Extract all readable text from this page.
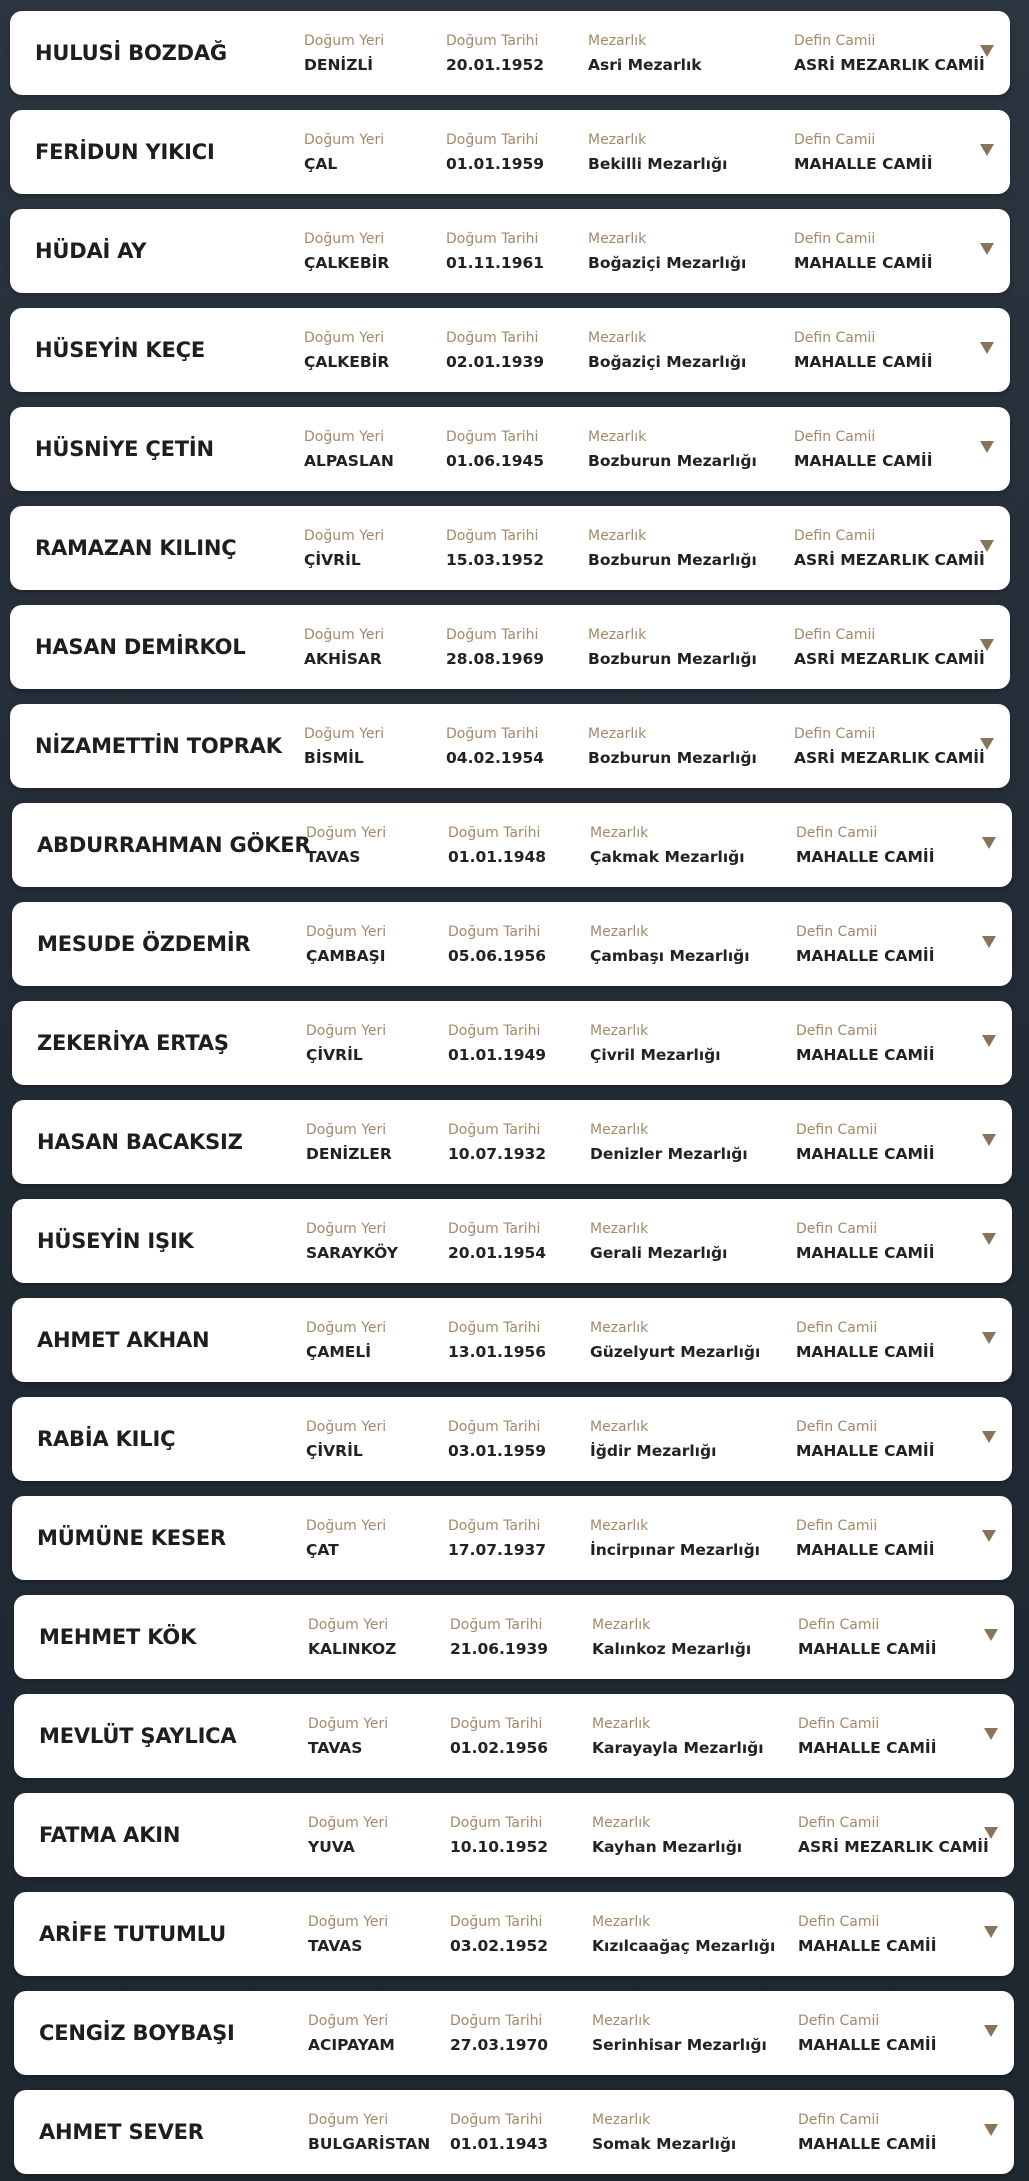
HULUSİ BOZDAĞ	Doğum Yeri
DENİZLİ
Doğum Tarihi
20.01.1952
Mezarlık
Asri Mezarlık
Defin Camii
ASRİ MEZARLIK CAMİİ
FERİDUN YIKICI	Doğum Yeri
ÇAL
Doğum Tarihi
01.01.1959
Mezarlık
Bekilli Mezarlığı
Defin Camii
MAHALLE CAMİİ
HÜDAİ AY	Doğum Yeri
ÇALKEBİR
Doğum Tarihi
01.11.1961
Mezarlık
Boğaziçi Mezarlığı
Defin Camii
MAHALLE CAMİİ
HÜSEYİN KEÇE	Doğum Yeri
ÇALKEBİR
Doğum Tarihi
02.01.1939
Mezarlık
Boğaziçi Mezarlığı
Defin Camii
MAHALLE CAMİİ
HÜSNİYE ÇETİN	Doğum Yeri
ALPASLAN
Doğum Tarihi
01.06.1945
Mezarlık
Bozburun Mezarlığı
Defin Camii
MAHALLE CAMİİ
RAMAZAN KILINÇ	Doğum Yeri
ÇİVRİL
Doğum Tarihi
15.03.1952
Mezarlık
Bozburun Mezarlığı
Defin Camii
ASRİ MEZARLIK CAMİİ
HASAN DEMİRKOL	Doğum Yeri
AKHİSAR
Doğum Tarihi
28.08.1969
Mezarlık
Bozburun Mezarlığı
Defin Camii
ASRİ MEZARLIK CAMİİ
NİZAMETTİN TOPRAK Doğum Yeri
BİSMİL
Doğum Tarihi
04.02.1954
Mezarlık
Bozburun Mezarlığı
Defin Camii
ASRİ MEZARLIK CAMİİ
ABDURRAHMAN GÖKER
Doğum Yeri
TAVAS
Doğum Tarihi
01.01.1948
Mezarlık
Çakmak Mezarlığı
Defin Camii
MAHALLE CAMİİ
MESUDE ÖZDEMİR	Doğum Yeri
ÇAMBAŞI
Doğum Tarihi
05.06.1956
Mezarlık
Çambaşı Mezarlığı
Defin Camii
MAHALLE CAMİİ
ZEKERİYA ERTAŞ	Doğum Yeri
ÇİVRİL
Doğum Tarihi
01.01.1949
Mezarlık
Çivril Mezarlığı
Defin Camii
MAHALLE CAMİİ
HASAN BACAKSIZ	Doğum Yeri
DENİZLER
Doğum Tarihi
10.07.1932
Mezarlık
Denizler Mezarlığı
Defin Camii
MAHALLE CAMİİ
HÜSEYİN IŞIK	Doğum Yeri
SARAYKÖY
Doğum Tarihi
20.01.1954
Mezarlık
Gerali Mezarlığı
Defin Camii
MAHALLE CAMİİ
AHMET AKHAN	Doğum Yeri
ÇAMELİ
Doğum Tarihi
13.01.1956
Mezarlık
Güzelyurt Mezarlığı
Defin Camii
MAHALLE CAMİİ
RABİA KILIÇ	Doğum Yeri
ÇİVRİL
Doğum Tarihi
03.01.1959
Mezarlık
İğdir Mezarlığı
Defin Camii
MAHALLE CAMİİ
MÜMÜNE KESER	Doğum Yeri
ÇAT
Doğum Tarihi
17.07.1937
Mezarlık
İncirpınar Mezarlığı
Defin Camii
MAHALLE CAMİİ
MEHMET KÖK	Doğum Yeri
KALINKOZ
Doğum Tarihi
21.06.1939
Mezarlık
Kalınkoz Mezarlığı
Defin Camii
MAHALLE CAMİİ
MEVLÜT ŞAYLICA	Doğum Yeri
TAVAS
Doğum Tarihi
01.02.1956
Mezarlık
Karayayla Mezarlığı
Defin Camii
MAHALLE CAMİİ
FATMA AKIN	Doğum Yeri
YUVA
Doğum Tarihi
10.10.1952
Mezarlık
Kayhan Mezarlığı
Defin Camii
ASRİ MEZARLIK CAMİİ
ARİFE TUTUMLU	Doğum Yeri
TAVAS
Doğum Tarihi
03.02.1952
Mezarlık
Kızılcaağaç Mezarlığı
Defin Camii
MAHALLE CAMİİ
CENGİZ BOYBAŞI	Doğum Yeri
ACIPAYAM
Doğum Tarihi
27.03.1970
Mezarlık
Serinhisar Mezarlığı
Defin Camii
MAHALLE CAMİİ
AHMET SEVER	Doğum Yeri
BULGARİSTAN
Doğum Tarihi
01.01.1943
Mezarlık
Somak Mezarlığı
Defin Camii
MAHALLE CAMİİ
